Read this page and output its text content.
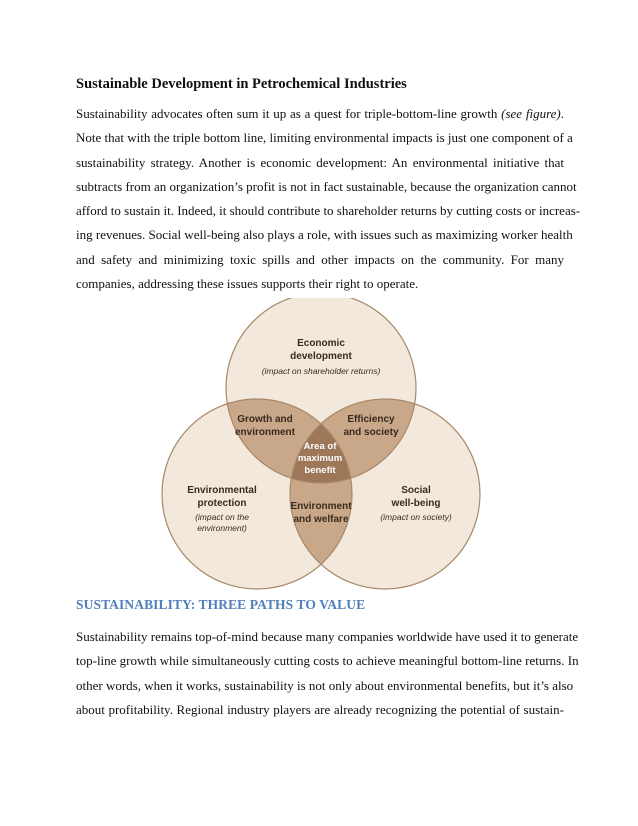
Sustainable Development in Petrochemical Industries
Sustainability advocates often sum it up as a quest for triple-bottom-line growth (see figure).
Note that with the triple bottom line, limiting environmental impacts is just one component of a
sustainability strategy. Another is economic development: An environmental initiative that
subtracts from an organization’s profit is not in fact sustainable, because the organization cannot
afford to sustain it. Indeed, it should contribute to shareholder returns by cutting costs or increas-
ing revenues. Social well-being also plays a role, with issues such as maximizing worker health
and safety and minimizing toxic spills and other impacts on the community. For many
companies, addressing these issues supports their right to operate.
Economic
development
(impact on shareholder returns)
Growth and
environment
Efficiency
and society
Area of
maximum
benefit
Environmental
protection
(impact on the
environment)
Environment
and welfare
Social
well-being
(impact on society)
SUSTAINABILITY: THREE PATHS TO VALUE
Sustainability remains top-of-mind because many companies worldwide have used it to generate
top-line growth while simultaneously cutting costs to achieve meaningful bottom-line returns. In
other words, when it works, sustainability is not only about environmental benefits, but it’s also
about profitability. Regional industry players are already recognizing the potential of sustain-
